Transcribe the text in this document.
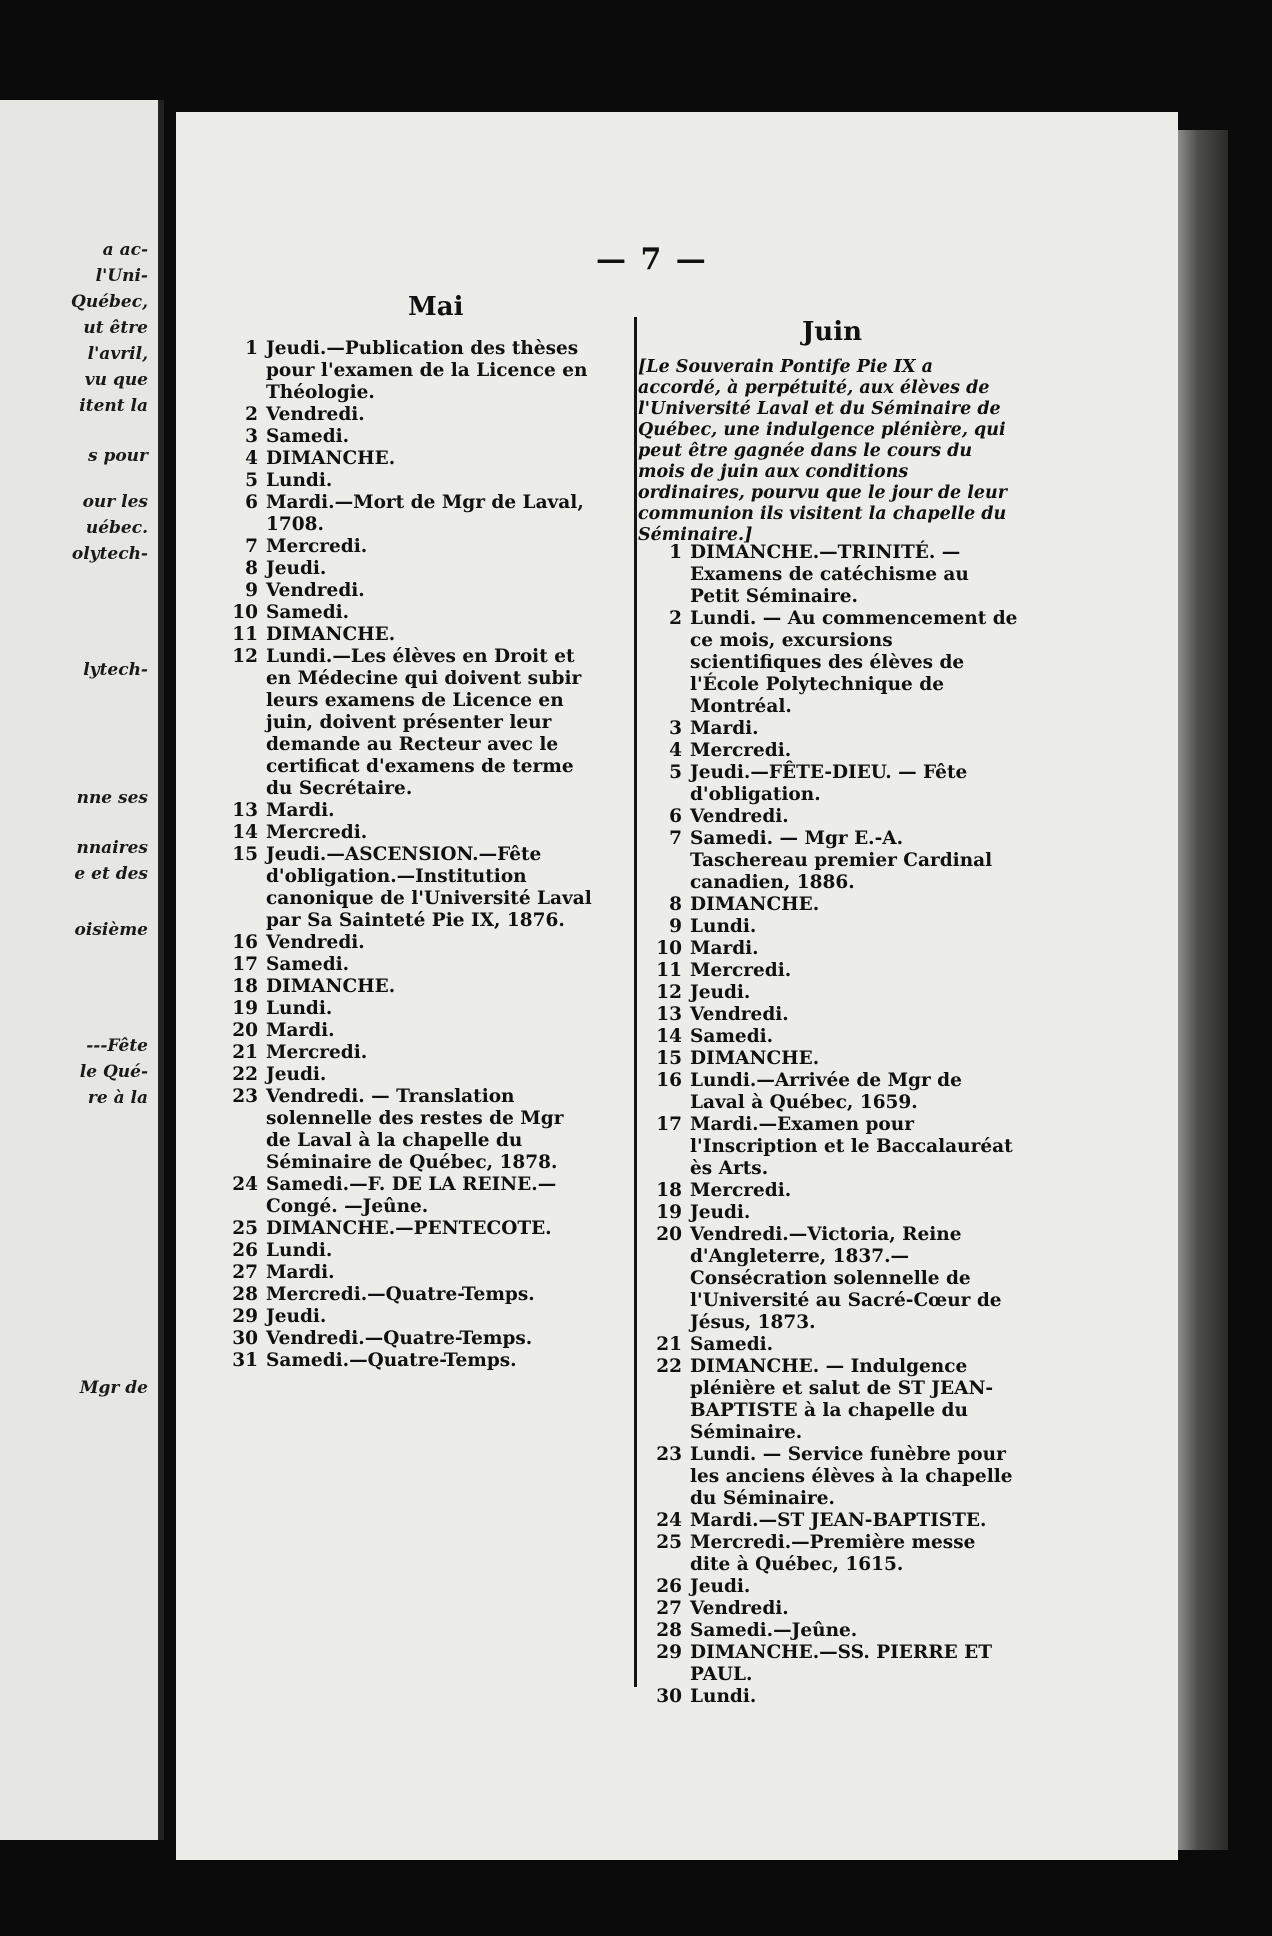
a ac-
l'Uni-
Québec,
ut être
l'avril,
vu que
itent la
s pour
our les
uébec.
olytech-
lytech-
nne ses
nnaires
e et des
oisième
---Fête
le Qué-
re à la
Mgr de
— 7 —
Mai
1 Jeudi.—Publication des thèses pour l'examen de la Licence en Théologie.
2 Vendredi.
3 Samedi.
4 DIMANCHE.
5 Lundi.
6 Mardi.—Mort de Mgr de Laval, 1708.
7 Mercredi.
8 Jeudi.
9 Vendredi.
10 Samedi.
11 DIMANCHE.
12 Lundi.—Les élèves en Droit et en Médecine qui doivent subir leurs examens de Licence en juin, doivent présenter leur demande au Recteur avec le certificat d'examens de terme du Secrétaire.
13 Mardi.
14 Mercredi.
15 Jeudi.—ASCENSION.—Fête d'obligation.—Institution canonique de l'Université Laval par Sa Sainteté Pie IX, 1876.
16 Vendredi.
17 Samedi.
18 DIMANCHE.
19 Lundi.
20 Mardi.
21 Mercredi.
22 Jeudi.
23 Vendredi. — Translation solennelle des restes de Mgr de Laval à la chapelle du Séminaire de Québec, 1878.
24 Samedi.—F. DE LA REINE.— Congé. —Jeûne.
25 DIMANCHE.—PENTECOTE.
26 Lundi.
27 Mardi.
28 Mercredi.—Quatre-Temps.
29 Jeudi.
30 Vendredi.—Quatre-Temps.
31 Samedi.—Quatre-Temps.
Juin
[Le Souverain Pontife Pie IX a accordé, à perpétuité, aux élèves de l'Université Laval et du Séminaire de Québec, une indulgence plénière, qui peut être gagnée dans le cours du mois de juin aux conditions ordinaires, pourvu que le jour de leur communion ils visitent la chapelle du Séminaire.]
1 DIMANCHE.—TRINITÉ. — Examens de catéchisme au Petit Séminaire.
2 Lundi. — Au commencement de ce mois, excursions scientifiques des élèves de l'École Polytechnique de Montréal.
3 Mardi.
4 Mercredi.
5 Jeudi.—FÊTE-DIEU. — Fête d'obligation.
6 Vendredi.
7 Samedi. — Mgr E.-A. Taschereau premier Cardinal canadien, 1886.
8 DIMANCHE.
9 Lundi.
10 Mardi.
11 Mercredi.
12 Jeudi.
13 Vendredi.
14 Samedi.
15 DIMANCHE.
16 Lundi.—Arrivée de Mgr de Laval à Québec, 1659.
17 Mardi.—Examen pour l'Inscription et le Baccalauréat ès Arts.
18 Mercredi.
19 Jeudi.
20 Vendredi.—Victoria, Reine d'Angleterre, 1837.—Consécration solennelle de l'Université au Sacré-Cœur de Jésus, 1873.
21 Samedi.
22 DIMANCHE. — Indulgence plénière et salut de ST JEAN-BAPTISTE à la chapelle du Séminaire.
23 Lundi. — Service funèbre pour les anciens élèves à la chapelle du Séminaire.
24 Mardi.—ST JEAN-BAPTISTE.
25 Mercredi.—Première messe dite à Québec, 1615.
26 Jeudi.
27 Vendredi.
28 Samedi.—Jeûne.
29 DIMANCHE.—SS. PIERRE ET PAUL.
30 Lundi.
